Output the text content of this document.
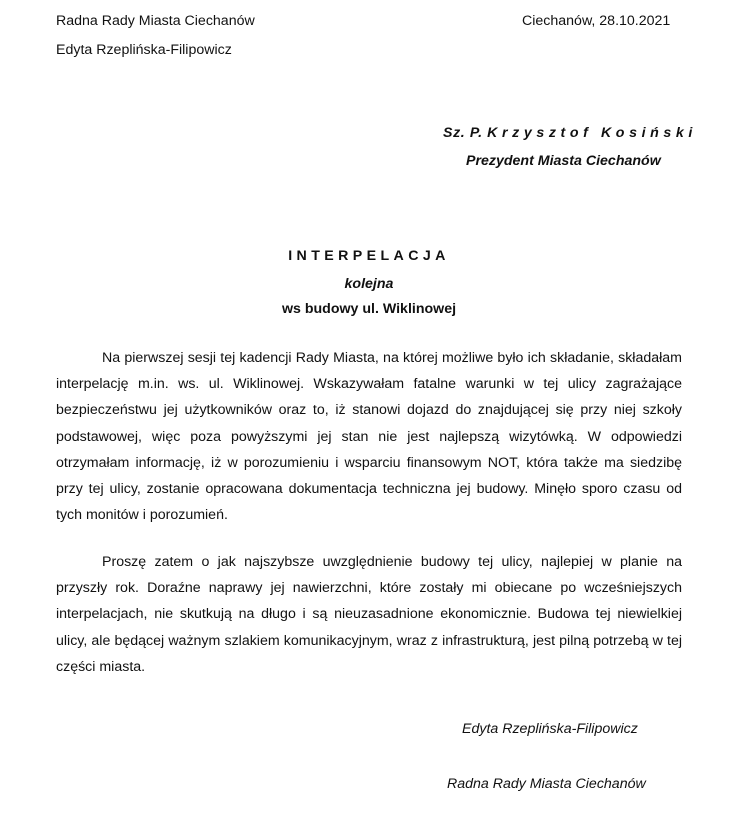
Radna Rady Miasta Ciechanów
Edyta Rzeplińska-Filipowicz
Ciechanów, 28.10.2021
Sz. P. Krzysztof Kosiński
Prezydent Miasta Ciechanów
INTERPELACJA
kolejna
ws budowy ul. Wiklinowej

Na pierwszej sesji tej kadencji Rady Miasta, na której możliwe było ich składanie, składałam interpelację m.in. ws. ul. Wiklinowej. Wskazywałam fatalne warunki w tej ulicy zagrażające bezpieczeństwu jej użytkowników oraz to, iż stanowi dojazd do znajdującej się przy niej szkoły podstawowej, więc poza powyższymi jej stan nie jest najlepszą wizytówką. W odpowiedzi otrzymałam informację, iż w porozumieniu i wsparciu finansowym NOT, która także ma siedzibę przy tej ulicy, zostanie opracowana dokumentacja techniczna jej budowy. Minęło sporo czasu od tych monitów i porozumień.

Proszę zatem o jak najszybsze uwzględnienie budowy tej ulicy, najlepiej w planie na przyszły rok. Doraźne naprawy jej nawierzchni, które zostały mi obiecane po wcześniejszych interpelacjach, nie skutkują na długo i są nieuzasadnione ekonomicznie. Budowa tej niewielkiej ulicy, ale będącej ważnym szlakiem komunikacyjnym, wraz z infrastrukturą, jest pilną potrzebą w tej części miasta.

Edyta Rzeplińska-Filipowicz
Radna Rady Miasta Ciechanów
